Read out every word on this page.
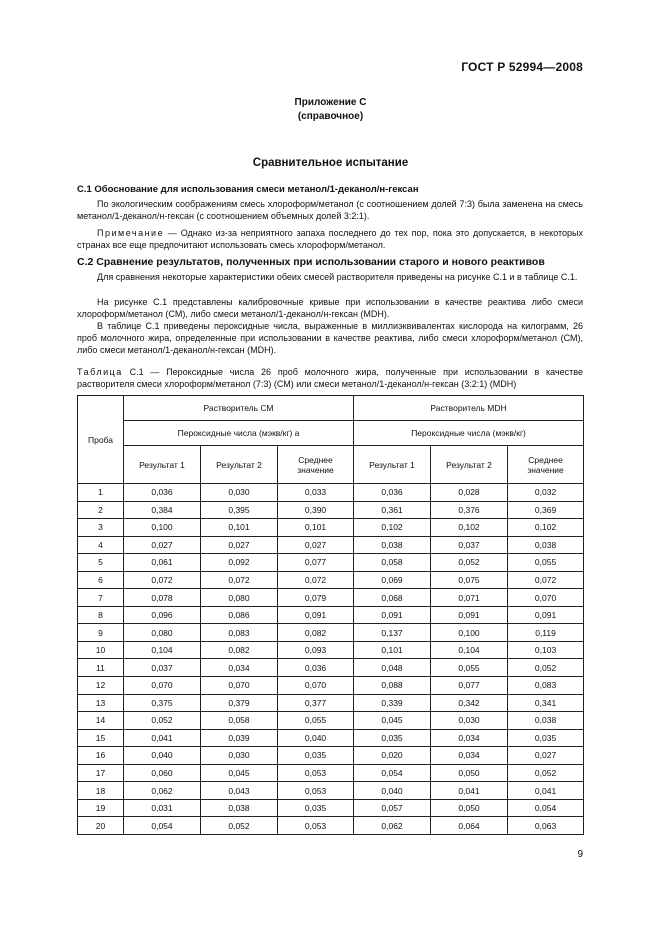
ГОСТ Р 52994—2008
Приложение С
(справочное)
Сравнительное испытание
С.1 Обоснование для использования смеси метанол/1-деканол/н-гексан
По экологическим соображениям смесь хлороформ/метанол (с соотношением долей 7:3) была заменена на смесь метанол/1-деканол/н-гексан (с соотношением объемных долей 3:2:1).
Примечание — Однако из-за неприятного запаха последнего до тех пор, пока это допускается, в некоторых странах все еще предпочитают использовать смесь хлороформ/метанол.
С.2 Сравнение результатов, полученных при использовании старого и нового реактивов
Для сравнения некоторые характеристики обеих смесей растворителя приведены на рисунке С.1 и в таблице С.1.
На рисунке С.1 представлены калибровочные кривые при использовании в качестве реактива либо смеси хлороформ/метанол (СМ), либо смеси метанол/1-деканол/н-гексан (MDH).
В таблице С.1 приведены пероксидные числа, выраженные в миллиэквивалентах кислорода на килограмм, 26 проб молочного жира, определенные при использовании в качестве реактива, либо смеси хлороформ/метанол (СМ), либо смеси метанол/1-деканол/н-гексан (MDH).
Таблица С.1 — Пероксидные числа 26 проб молочного жира, полученные при использовании в качестве растворителя смеси хлороформ/метанол (7:3) (СМ) или смеси метанол/1-деканол/н-гексан (3:2:1) (MDH)
Проба	Растворитель СМ			Растворитель MDH		
	Пероксидные числа (мэкв/кг) а			Пероксидные числа (мэкв/кг)		
	Результат 1	Результат 2	Среднее значение	Результат 1	Результат 2	Среднее значение
1	0,036	0,030	0,033	0,036	0,028	0,032
2	0,384	0,395	0,390	0,361	0,376	0,369
3	0,100	0,101	0,101	0,102	0,102	0,102
4	0,027	0,027	0,027	0,038	0,037	0,038
5	0,061	0,092	0,077	0,058	0,052	0,055
6	0,072	0,072	0,072	0,069	0,075	0,072
7	0,078	0,080	0,079	0,068	0,071	0,070
8	0,096	0,086	0,091	0,091	0,091	0,091
9	0,080	0,083	0,082	0,137	0,100	0,119
10	0,104	0,082	0,093	0,101	0,104	0,103
11	0,037	0,034	0,036	0,048	0,055	0,052
12	0,070	0,070	0,070	0,088	0,077	0,083
13	0,375	0,379	0,377	0,339	0,342	0,341
14	0,052	0,058	0,055	0,045	0,030	0,038
15	0,041	0,039	0,040	0,035	0,034	0,035
16	0,040	0,030	0,035	0,020	0,034	0,027
17	0,060	0,045	0,053	0,054	0,050	0,052
18	0,062	0,043	0,053	0,040	0,041	0,041
19	0,031	0,038	0,035	0,057	0,050	0,054
20	0,054	0,052	0,053	0,062	0,064	0,063
9
